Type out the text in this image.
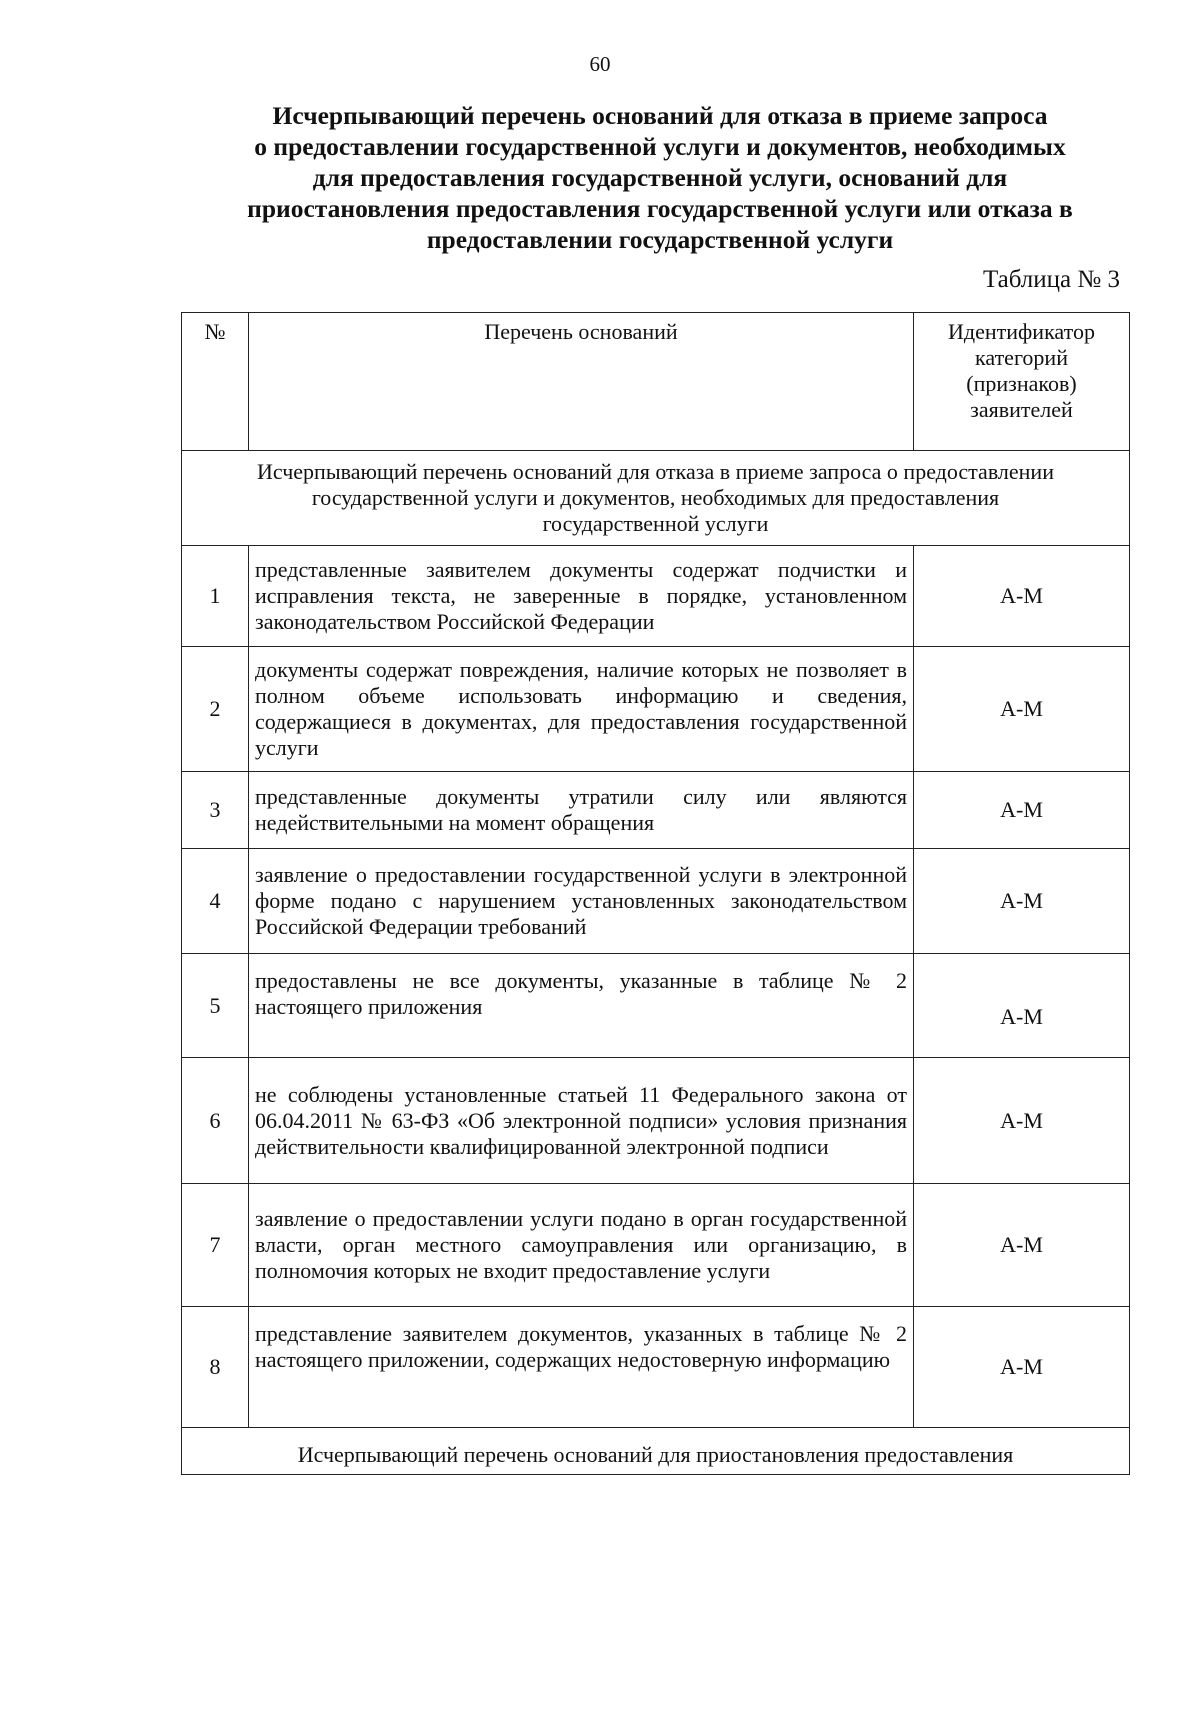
60
Исчерпывающий перечень оснований для отказа в приеме запроса
о предоставлении государственной услуги и документов, необходимых
для предоставления государственной услуги, оснований для
приостановления предоставления государственной услуги или отказа в
предоставлении государственной услуги
Таблица № 3
№	Перечень оснований	Идентификатор
категорий
(признаков)
заявителей

Исчерпывающий перечень оснований для отказа в приеме запроса о предоставлении
государственной услуги и документов, необходимых для предоставления
государственной услуги		

1	представленные заявителем документы содержат подчистки и исправления текста, не заверенные в порядке, установленном законодательством Российской Федерации	А-М
2	документы содержат повреждения, наличие которых не позволяет в полном объеме использовать информацию и сведения, содержащиеся в документах, для предоставления государственной услуги	А-М
3	представленные документы утратили силу или являются недействительными на момент обращения	А-М
4	заявление о предоставлении государственной услуги в электронной форме подано с нарушением установленных законодательством Российской Федерации требований	А-М
5	предоставлены не все документы, указанные в таблице № 2 настоящего приложения	А-М
6	не соблюдены установленные статьей 11 Федерального закона от 06.04.2011 № 63-ФЗ «Об электронной подписи» условия признания действительности квалифицированной электронной подписи	А-М
7	заявление о предоставлении услуги подано в орган государственной власти, орган местного самоуправления или организацию, в полномочия которых не входит предоставление услуги	А-М
8	представление заявителем документов, указанных в таблице № 2 настоящего приложении, содержащих недостоверную информацию	А-М
Исчерпывающий перечень оснований для приостановления предоставления		
